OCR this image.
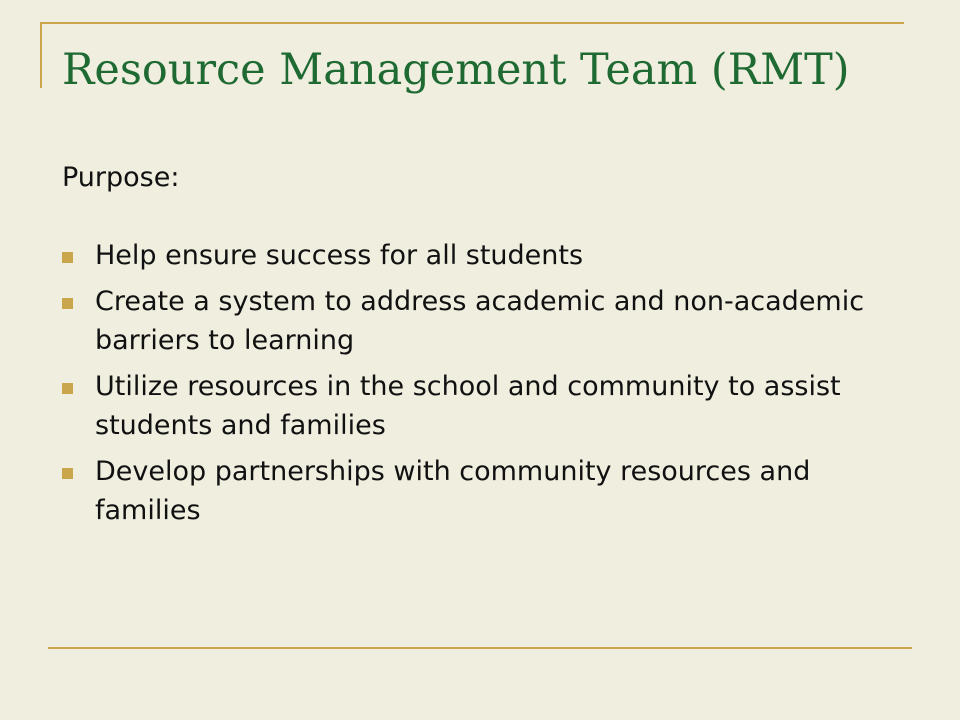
Resource Management Team (RMT)
Purpose:
Help ensure success for all students
Create a system to address academic and non-academic barriers to learning
Utilize resources in the school and community to assist students and families
Develop partnerships with community resources and families
